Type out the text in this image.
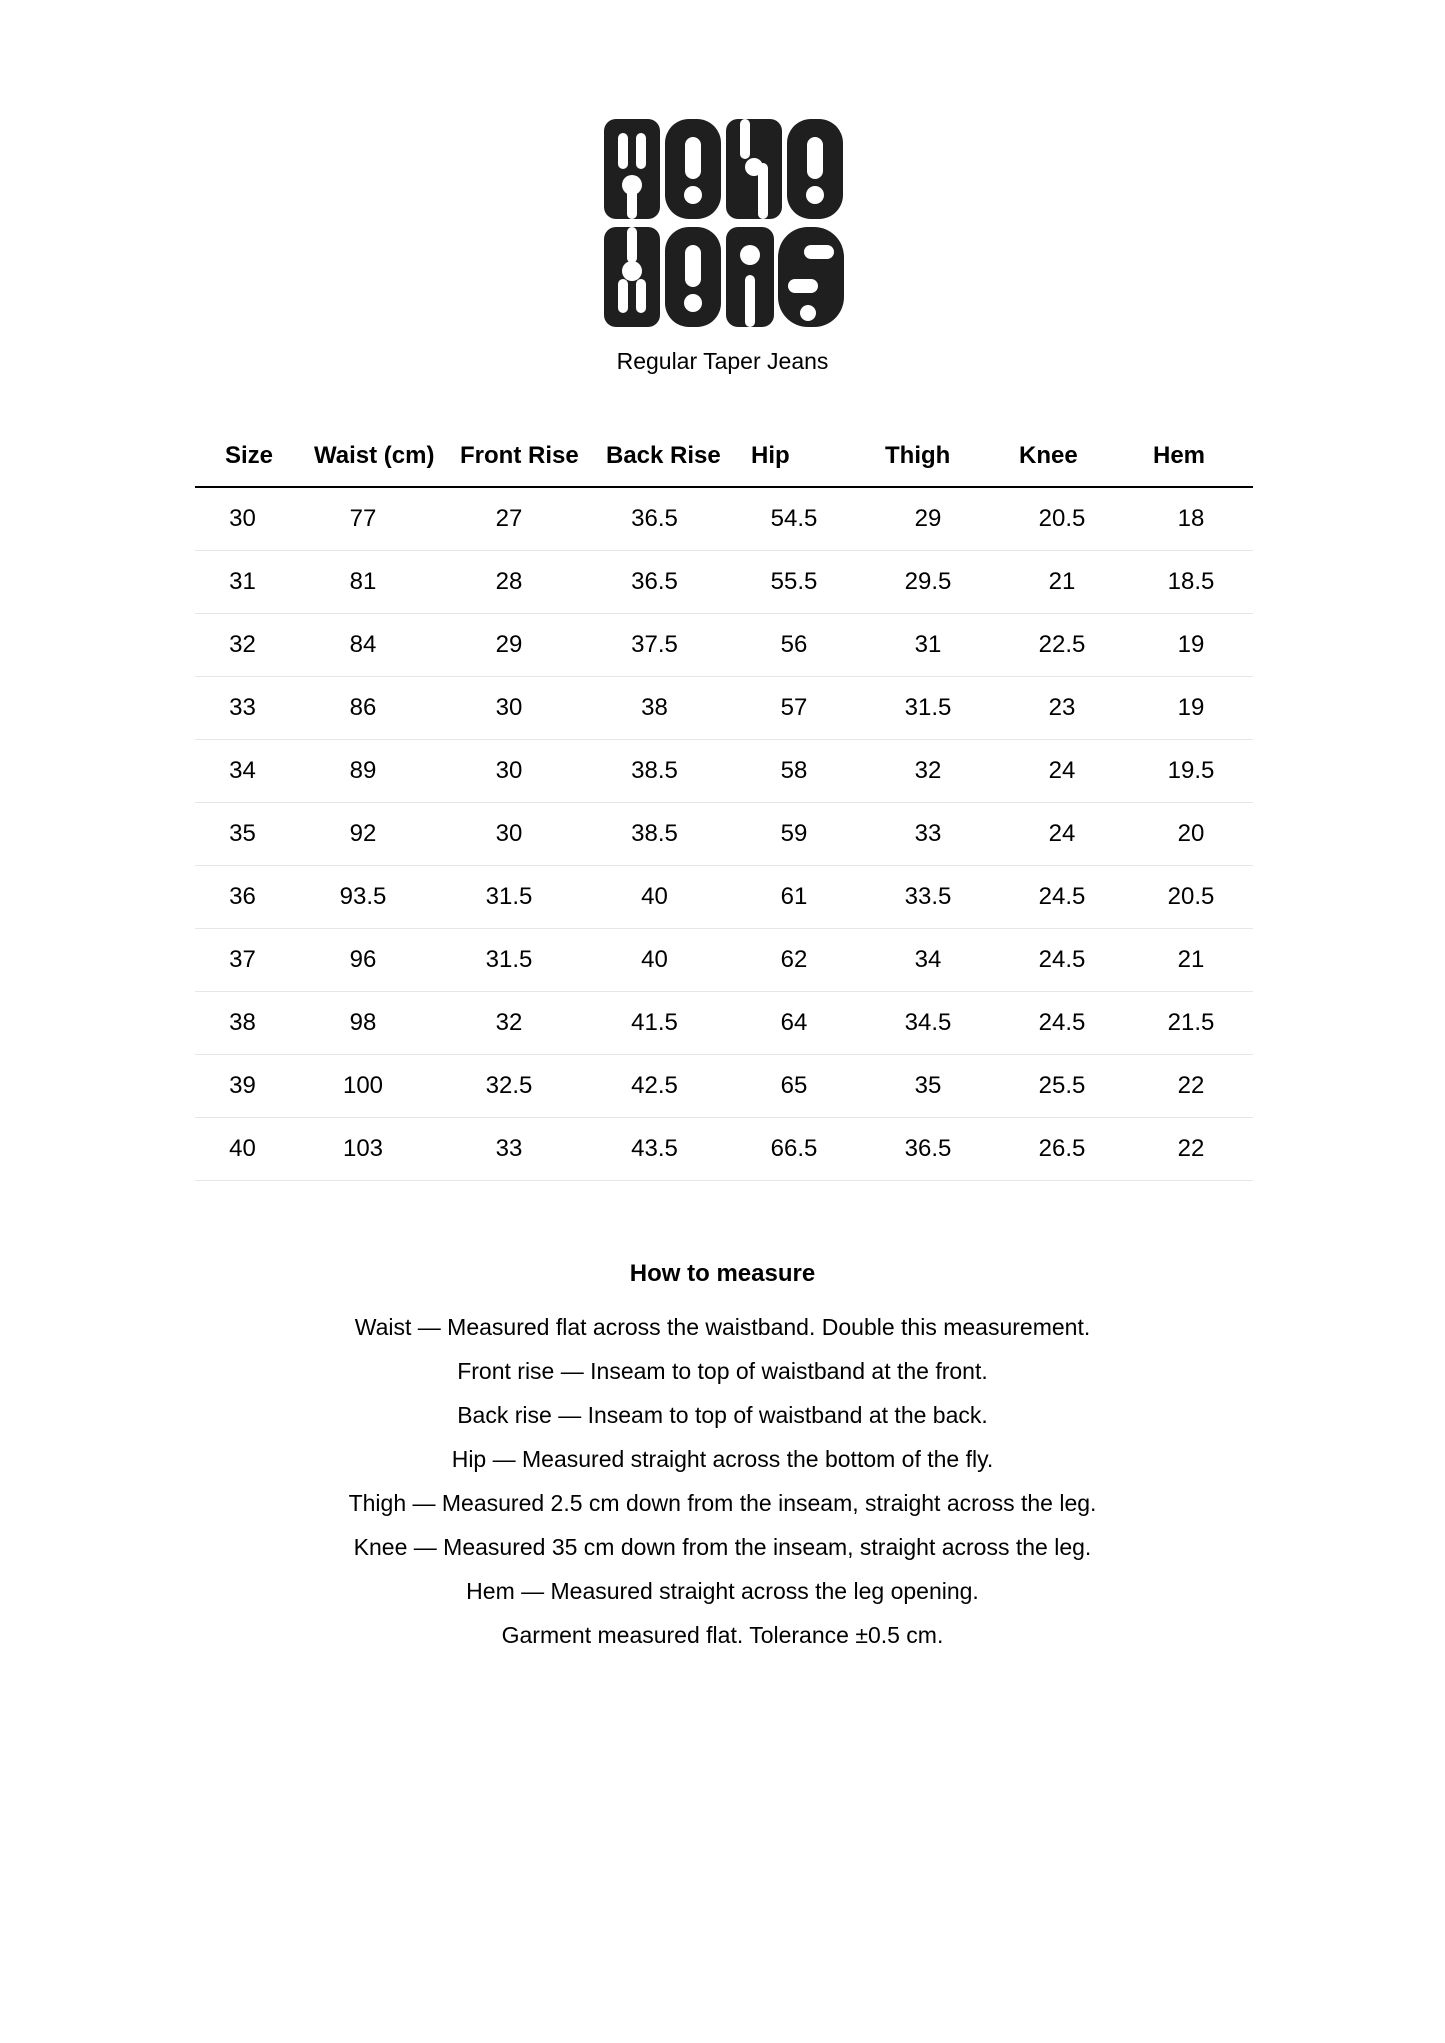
Regular Taper Jeans
Size	Waist (cm)	Front Rise	Back Rise	Hip	Thigh	Knee	Hem
30	77	27	36.5	54.5	29	20.5	18
31	81	28	36.5	55.5	29.5	21	18.5
32	84	29	37.5	56	31	22.5	19
33	86	30	38	57	31.5	23	19
34	89	30	38.5	58	32	24	19.5
35	92	30	38.5	59	33	24	20
36	93.5	31.5	40	61	33.5	24.5	20.5
37	96	31.5	40	62	34	24.5	21
38	98	32	41.5	64	34.5	24.5	21.5
39	100	32.5	42.5	65	35	25.5	22
40	103	33	43.5	66.5	36.5	26.5	22
How to measure
Waist — Measured flat across the waistband. Double this measurement.
Front rise — Inseam to top of waistband at the front.
Back rise — Inseam to top of waistband at the back.
Hip — Measured straight across the bottom of the fly.
Thigh — Measured 2.5 cm down from the inseam, straight across the leg.
Knee — Measured 35 cm down from the inseam, straight across the leg.
Hem — Measured straight across the leg opening.
Garment measured flat. Tolerance ±0.5 cm.
